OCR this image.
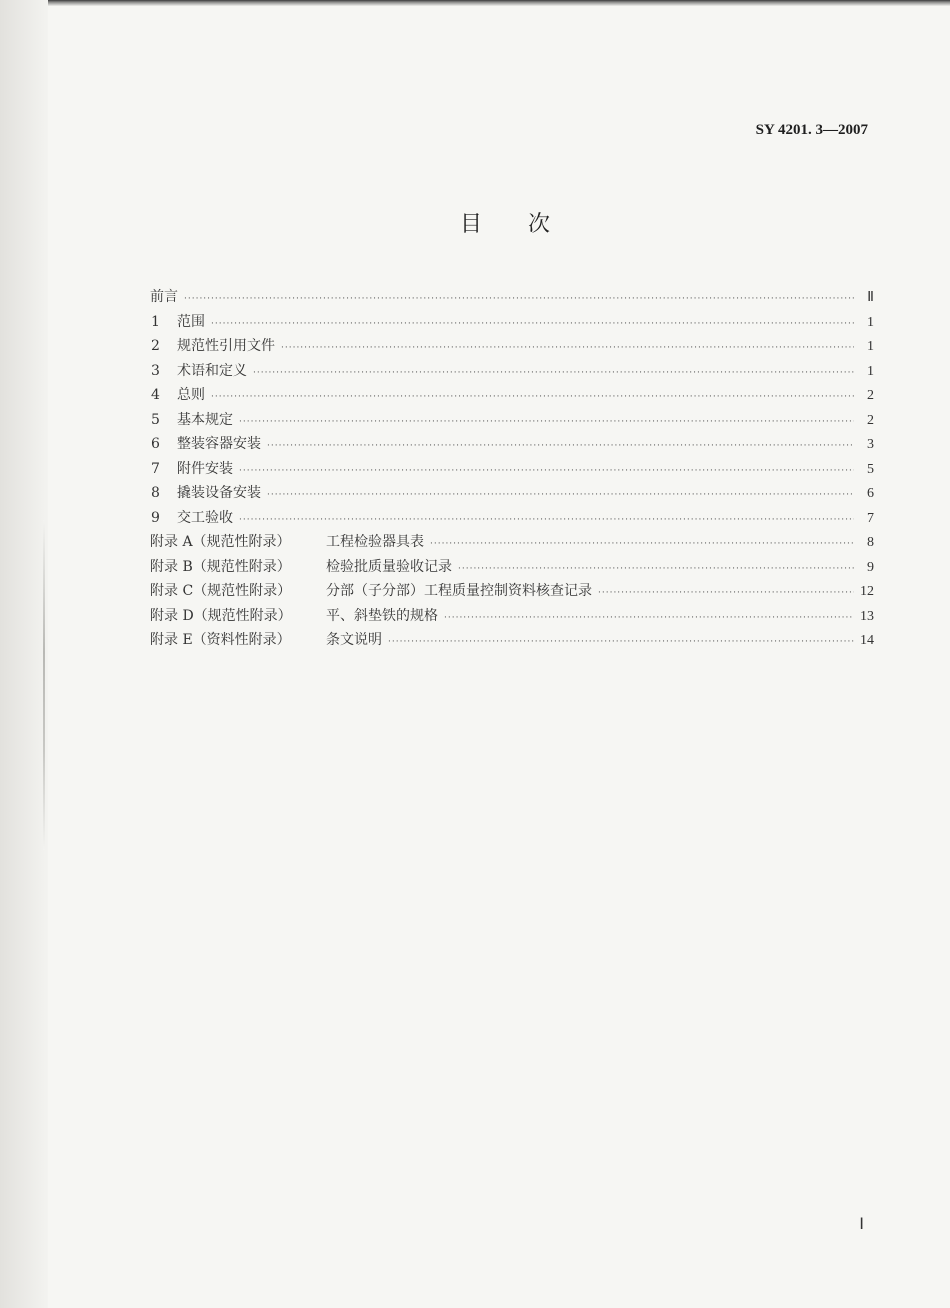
SY 4201. 3—2007
目次
前言 ·····	Ⅱ
1	范围 ·····	1
2	规范性引用文件 ·····	1
3	术语和定义 ·····	1
4	总则 ·····	2
5	基本规定 ·····	2
6	整装容器安装 ·····	3
7	附件安装 ·····	5
8	撬装设备安装 ·····	6
9	交工验收 ·····	7
附录 A（规范性附录）	工程检验器具表 ·····	8
附录 B（规范性附录）	检验批质量验收记录 ·····	9
附录 C（规范性附录）	分部（子分部）工程质量控制资料核查记录 ·····	12
附录 D（规范性附录）	平、斜垫铁的规格 ·····	13
附录 E（资料性附录）	条文说明 ·····	14
Ⅰ
